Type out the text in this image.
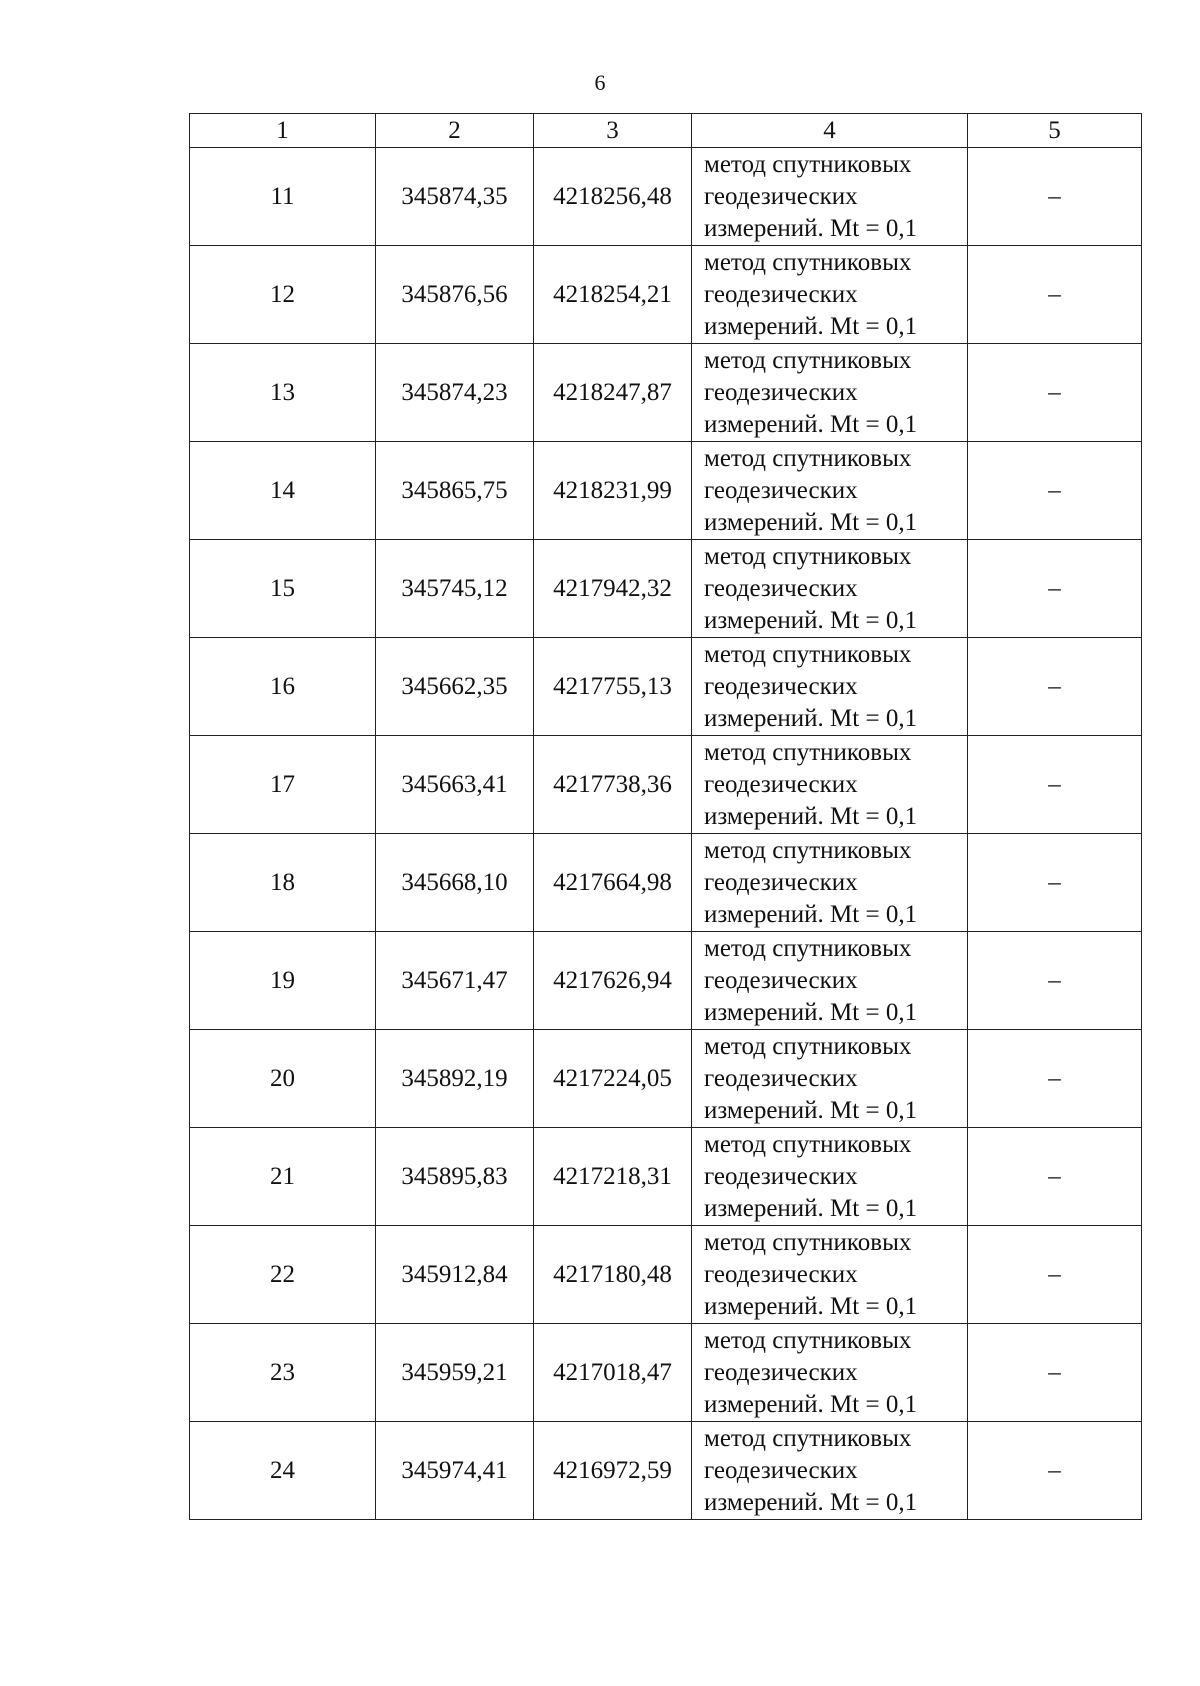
6
1	2	3	4	5
11	345874,35	4218256,48	метод спутниковых
геодезических
измерений. Mt = 0,1	–
12	345876,56	4218254,21	метод спутниковых
геодезических
измерений. Mt = 0,1	–
13	345874,23	4218247,87	метод спутниковых
геодезических
измерений. Mt = 0,1	–
14	345865,75	4218231,99	метод спутниковых
геодезических
измерений. Mt = 0,1	–
15	345745,12	4217942,32	метод спутниковых
геодезических
измерений. Mt = 0,1	–
16	345662,35	4217755,13	метод спутниковых
геодезических
измерений. Mt = 0,1	–
17	345663,41	4217738,36	метод спутниковых
геодезических
измерений. Mt = 0,1	–
18	345668,10	4217664,98	метод спутниковых
геодезических
измерений. Mt = 0,1	–
19	345671,47	4217626,94	метод спутниковых
геодезических
измерений. Mt = 0,1	–
20	345892,19	4217224,05	метод спутниковых
геодезических
измерений. Mt = 0,1	–
21	345895,83	4217218,31	метод спутниковых
геодезических
измерений. Mt = 0,1	–
22	345912,84	4217180,48	метод спутниковых
геодезических
измерений. Mt = 0,1	–
23	345959,21	4217018,47	метод спутниковых
геодезических
измерений. Mt = 0,1	–
24	345974,41	4216972,59	метод спутниковых
геодезических
измерений. Mt = 0,1	–
